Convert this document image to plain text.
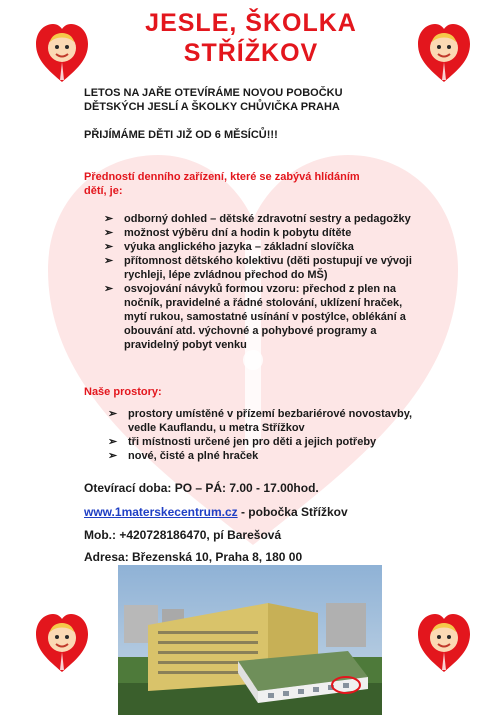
JESLE, ŠKOLKA
STŘÍŽKOV
LETOS NA JAŘE OTEVÍRÁME NOVOU POBOČKU
DĚTSKÝCH JESLÍ A ŠKOLKY CHŮVIČKA PRAHA
PŘIJÍMÁME DĚTI JIŽ OD 6 MĚSÍCŮ!!!
Předností denního zařízení, které se zabývá hlídáním dětí, je:
➢ odborný dohled – dětské zdravotní sestry a pedagožky
➢ možnost výběru dní a hodin k pobytu dítěte
➢ výuka anglického jazyka – základní slovíčka
➢ přítomnost dětského kolektivu (děti postupují ve vývoji rychleji, lépe zvládnou přechod do MŠ)
➢ osvojování návyků formou vzoru: přechod z plen na nočník, pravidelné a řádné stolování, uklízení hraček, mytí rukou, samostatné usínání v postýlce, oblékání a obouvání atd. výchovné a pohybové programy a pravidelný pobyt venku
Naše prostory:
➢ prostory umístěné v přízemí bezbariérové novostavby, vedle Kauflandu, u metra Střížkov
➢ tři místnosti určené jen pro děti a jejich potřeby
➢ nové, čisté a plné hraček
Otevírací doba: PO – PÁ: 7.00 - 17.00hod.
www.1materskecentrum.cz - pobočka Střížkov
Mob.: +420728186470, pí Barešová
Adresa: Březenská 10, Praha 8, 180 00
